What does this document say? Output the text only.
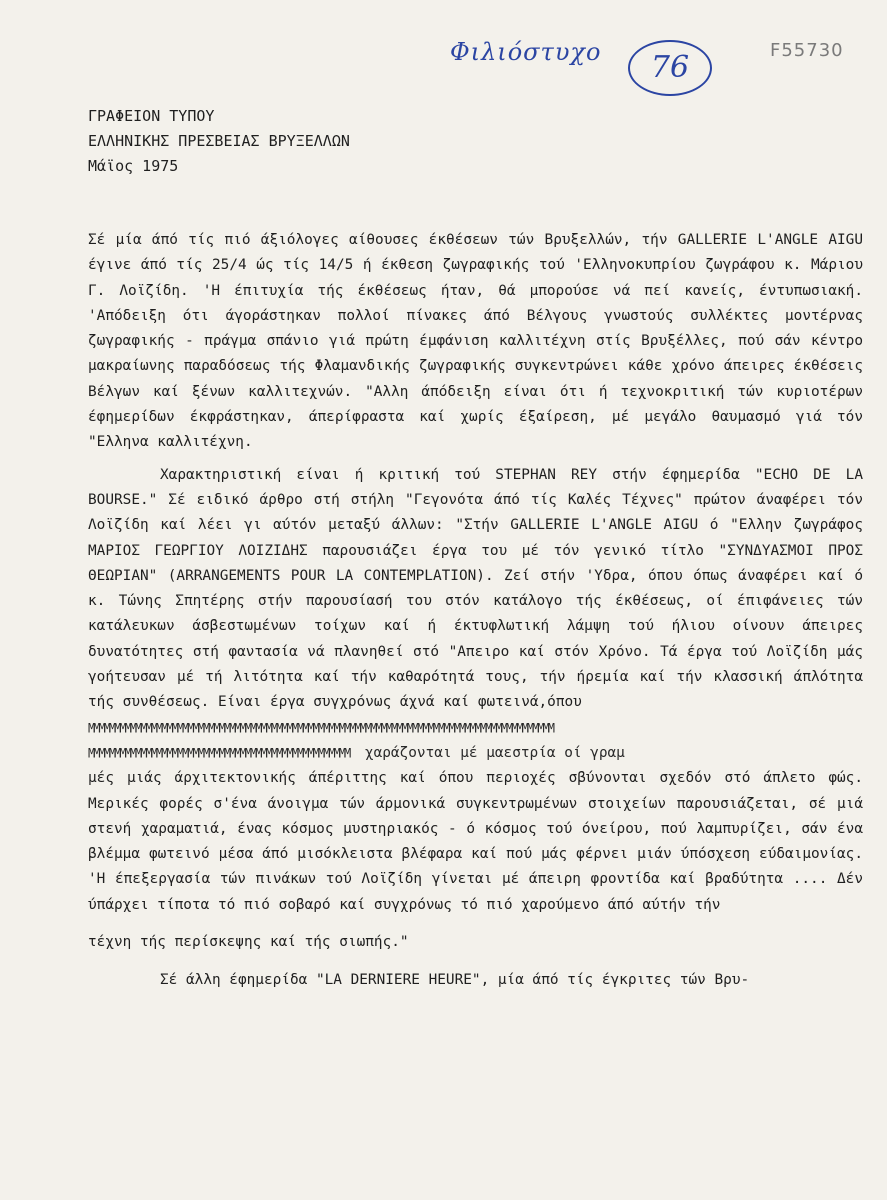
Φιλιόστυχο	76	F55730
ΓΡΑΦΕΙΟΝ ΤΥΠΟΥ
ΕΛΛΗΝΙΚΗΣ ΠΡΕΣΒΕΙΑΣ ΒΡΥΞΕΛΛΩΝ
Μάϊος 1975

Σέ μία άπό τίς πιό άξιόλογες αίθουσες έκθέσεων τών Βρυξελλών, τήν GALLERIE L'ANGLE AIGU έγινε άπό τίς 25/4 ώς τίς 14/5 ή έκθεση ζωγραφικής τού 'Ελληνοκυπρίου ζωγράφου κ. Μάριου Γ. Λοϊζίδη. 'Η έπιτυχία τής έκθέσεως ήταν, θά μπορούσε νά πεί κανείς, έντυπωσιακή. 'Απόδειξη ότι άγοράστηκαν πολλοί πίνακες άπό Βέλγους γνωστούς συλλέκτες μοντέρνας ζωγραφικής - πράγμα σπάνιο γιά πρώτη έμφάνιση καλλιτέχνη στίς Βρυξέλλες, πού σάν κέντρο μακραίωνης παραδόσεως τής Φλαμανδικής ζωγραφικής συγκεντρώνει κάθε χρόνο άπειρες έκθέσεις Βέλγων καί ξένων καλλιτεχνών. "Αλλη άπόδειξη είναι ότι ή τεχνοκριτική τών κυριοτέρων έφημερίδων έκφράστηκαν, άπερίφραστα καί χωρίς έξαίρεση, μέ μεγάλο θαυμασμό γιά τόν "Ελληνα καλλιτέχνη.

Χαρακτηριστική είναι ή κριτική τού STEPHAN REY στήν έφημερίδα "ECHO DE LA BOURSE." Σέ ειδικό άρθρο στή στήλη "Γεγονότα άπό τίς Καλές Τέχνες" πρώτον άναφέρει τόν Λοϊζίδη καί λέει γι αύτόν μεταξύ άλλων: "Στήν GALLERIE L'ANGLE AIGU ό "Ελλην ζωγράφος ΜΑΡΙΟΣ ΓΕΩΡΓΙΟΥ ΛΟΙΖΙΔΗΣ παρουσιάζει έργα του μέ τόν γενικό τίτλο "ΣΥΝΔΥΑΣΜΟΙ ΠΡΟΣ ΘΕΩΡΙΑΝ" (ARRANGEMENTS POUR LA CONTEMPLATION). Ζεί στήν 'Υδρα, όπου όπως άναφέρει καί ό κ. Τώνης Σπητέρης στήν παρουσίασή του στόν κατάλογο τής έκθέσεως, οί έπιφάνειες τών κατάλευκων άσβεστωμένων τοίχων καί ή έκτυφλωτική λάμψη τού ήλιου οίνουν άπειρες δυνατότητες στή φαντασία νά πλανηθεί στό "Απειρο καί στόν Χρόνο. Τά έργα τού Λοϊζίδη μάς γοήτευσαν μέ τή λιτότητα καί τήν καθαρότητά τους, τήν ήρεμία καί τήν κλασσική άπλότητα τής συνθέσεως. Είναι έργα συγχρόνως άχνά καί φωτεινά,όπου

ΜΜΜΜΜΜΜΜΜΜΜΜΜΜΜΜΜΜΜΜΜΜΜΜΜΜΜΜΜΜΜΜΜΜΜΜΜΜΜΜΜΜΜΜΜΜΜΜΜΜΜΜΜΜΜΜΜΜΜΜΜΜΜΜΜΜΜΜΜΜΜΜΜΜΜΜΜΜΜΜΜΜΜΜΜΜΜΜΜ
ΜΜΜΜΜΜΜΜΜΜΜΜΜΜΜΜΜΜΜΜΜΜΜΜΜΜΜΜΜΜΜΜΜΜΜΜΜΜΜΜΜΜΜΜΜΜΜΜΜΜ χαράζονται μέ μαεστρία οί γραμ

μές μιάς άρχιτεκτονικής άπέριττης καί όπου περιοχές σβύνονται σχεδόν στό άπλετο φώς. Μερικές φορές σ'ένα άνοιγμα τών άρμονικά συγκεντρωμένων στοιχείων παρουσιάζεται, σέ μιά στενή χαραματιά, ένας κόσμος μυστηριακός - ό κόσμος τού όνείρου, πού λαμπυρίζει, σάν ένα βλέμμα φωτεινό μέσα άπό μισόκλειστα βλέφαρα καί πού μάς φέρνει μιάν ύπόσχεση εύδαιμονίας. 'Η έπεξεργασία τών πινάκων τού Λοϊζίδη γίνεται μέ άπειρη φροντίδα καί βραδύτητα .... Δέν ύπάρχει τίποτα τό πιό σοβαρό καί συγχρόνως τό πιό χαρούμενο άπό αύτήν τήν

τέχνη τής περίσκεψης καί τής σιωπής."

Σέ άλλη έφημερίδα "LA DERNIERE HEURE", μία άπό τίς έγκριτες τών Βρυ-
